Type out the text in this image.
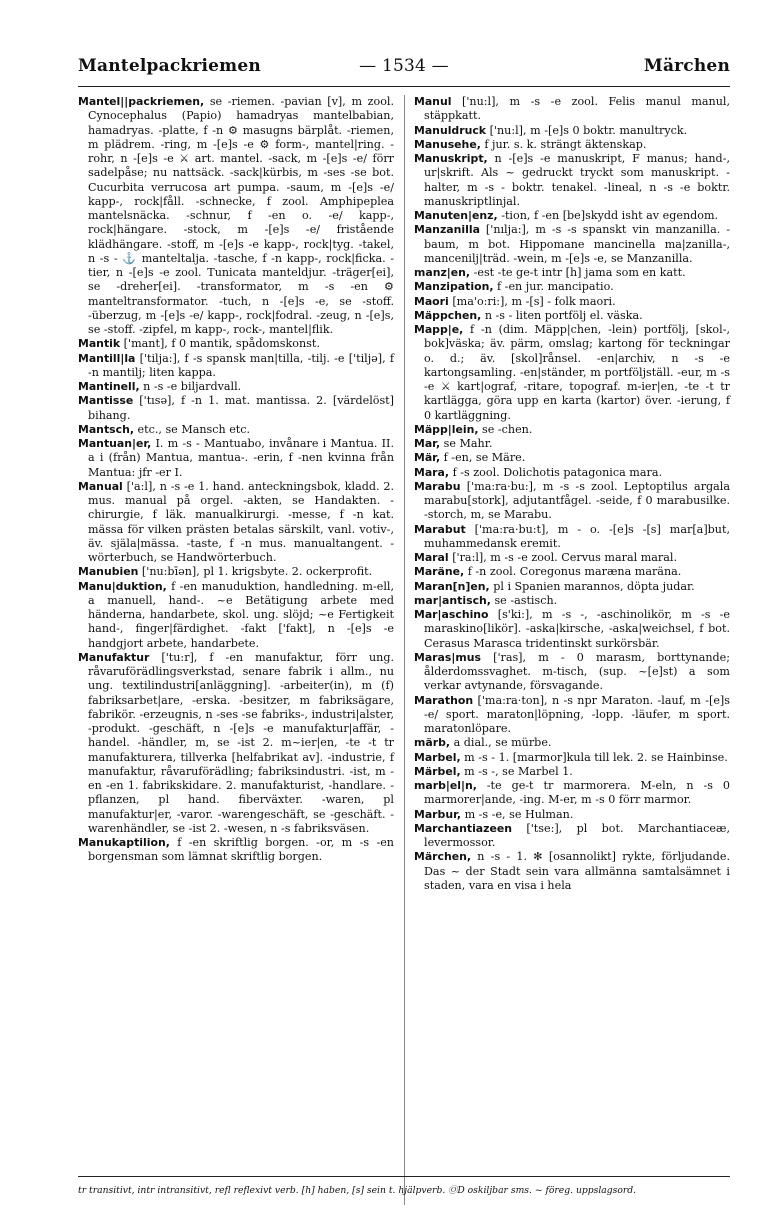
Mantelpackriemen	— 1534 —	Märchen

Mantel||packriemen, se -riemen. -pavian [v], m zool. Cynocephalus (Papio) hamadryas mantelbabian, hamadryas. -platte, f -n ⚙ masugns bärplåt. -riemen, m plädrem. -ring, m -[e]s -e ⚙ form-, mantel|ring. -rohr, n -[e]s -e ⚔ art. mantel. -sack, m -[e]s -e/ förr sadelpåse; nu nattsäck. -sack|kürbis, m -ses -se bot. Cucurbita verrucosa art pumpa. -saum, m -[e]s -e/ kapp-, rock|fåll. -schnecke, f zool. Amphipeplea mantelsnäcka. -schnur, f -en o. -e/ kapp-, rock|hängare. -stock, m -[e]s -e/ fristående klädhängare. -stoff, m -[e]s -e kapp-, rock|tyg. -takel, n -s - ⚓ manteltalja. -tasche, f -n kapp-, rock|ficka. -tier, n -[e]s -e zool. Tunicata manteldjur. -träger[ei], se -dreher[ei]. -transformator, m -s -en ⚙ manteltransformator. -tuch, n -[e]s -e, se -stoff. -überzug, m -[e]s -e/ kapp-, rock|fodral. -zeug, n -[e]s, se -stoff. -zipfel, m kapp-, rock-, mantel|flik.

Mantik ['mant], f 0 mantik, spådomskonst.

Mantill|la ['tilja:], f -s spansk man|tilla, -tilj. -e ['tiljə], f -n mantilj; liten kappa.

Mantinell, n -s -e biljardvall.

Mantisse ['tısə], f -n 1. mat. mantissa. 2. [värdelöst] bihang.

Mantsch, etc., se Mansch etc.

Mantuan|er, I. m -s - Mantuabo, invånare i Mantua. II. a i (från) Mantua, mantua-. -erin, f -nen kvinna från Mantua: jfr -er I.

Manual ['a:l], n -s -e 1. hand. anteckningsbok, kladd. 2. mus. manual på orgel. -akten, se Handakten. -chirurgie, f läk. manualkirurgi. -messe, f -n kat. mässa för vilken prästen betalas särskilt, vanl. votiv-, äv. själa|mässa. -taste, f -n mus. manualtangent. -wörterbuch, se Handwörterbuch.

Manubien ['nu:bīən], pl 1. krigsbyte. 2. ockerprofit.

Manu|duktion, f -en manuduktion, handledning. m-ell, a manuell, hand-. ~e Betätigung arbete med händerna, handarbete, skol. ung. slöjd; ~e Fertigkeit hand-, finger|färdighet. -fakt ['fakt], n -[e]s -e handgjort arbete, handarbete.

Manufaktur ['tu:r], f -en manufaktur, förr ung. råvaruförädlingsverkstad, senare fabrik i allm., nu ung. textilindustri[anläggning]. -arbeiter(in), m (f) fabriksarbet|are, -erska. -besitzer, m fabriksägare, fabrikör. -erzeugnis, n -ses -se fabriks-, industri|alster, -produkt. -geschäft, n -[e]s -e manufaktur|affär, -handel. -händler, m, se -ist 2. m~ier|en, -te -t tr manufakturera, tillverka [helfabrikat av]. -industrie, f manufaktur, råvaruförädling; fabriksindustri. -ist, m -en -en 1. fabrikskidare. 2. manufakturist, -handlare. -pflanzen, pl hand. fiberväxter. -waren, pl manufaktur|er, -varor. -warengeschäft, se -geschäft. -warenhändler, se -ist 2. -wesen, n -s fabriksväsen.

Manukaptilion, f -en skriftlig borgen. -or, m -s -en borgensman som lämnat skriftlig borgen.

Manul ['nu:l], m -s -e zool. Felis manul manul, stäppkatt.

Manuldruck ['nu:l], m -[e]s 0 boktr. manultryck.

Manusehe, f jur. s. k. strängt äktenskap.

Manuskript, n -[e]s -e manuskript, F manus; hand-, ur|skrift. Als ~ gedruckt tryckt som manuskript. -halter, m -s - boktr. tenakel. -lineal, n -s -e boktr. manuskriptlinjal.

Manuten|enz, -tion, f -en [be]skydd isht av egendom.

Manzanilla ['nılja:], m -s -s spanskt vin manzanilla. -baum, m bot. Hippomane mancinella ma|zanilla-, mancenilj|träd. -wein, m -[e]s -e, se Manzanilla.

manz|en, -est -te ge-t intr [h] jama som en katt.

Manzipation, f -en jur. mancipatio.

Maori [ma'o:ri:], m -[s] - folk maori.

Mäppchen, n -s - liten portfölj el. väska.

Mapp|e, f -n (dim. Mäpp|chen, -lein) portfölj, [skol-, bok]väska; äv. pärm, omslag; kartong för teckningar o. d.; äv. [skol]rånsel. -en|archiv, n -s -e kartongsamling. -en|ständer, m portföljställ. -eur, m -s -e ⚔ kart|ograf, -ritare, topograf. m-ier|en, -te -t tr kartlägga, göra upp en karta (kartor) över. -ierung, f 0 kartläggning.

Mäpp|lein, se -chen.

Mar, se Mahr.

Mär, f -en, se Märe.

Mara, f -s zool. Dolichotis patagonica mara.

Marabu ['ma:ra·bu:], m -s -s zool. Leptoptilus argala marabu[stork], adjutantfågel. -seide, f 0 marabusilke. -storch, m, se Marabu.

Marabut ['ma:ra·bu:t], m - o. -[e]s -[s] mar[a]but, muhammedansk eremit.

Maral ['ra:l], m -s -e zool. Cervus maral maral.

Maräne, f -n zool. Coregonus maræna maräna.

Maran[n]en, pl i Spanien marannos, döpta judar.

mar|antisch, se -astisch.

Mar|aschino [s'ki:], m -s -, -aschinolikör, m -s -e maraskino[likör]. -aska|kirsche, -aska|weichsel, f bot. Cerasus Marasca tridentinskt surkörsbär.

Maras|mus ['ras], m - 0 marasm, borttynande; ålderdomssvaghet. m-tisch, (sup. ~[e]st) a som verkar avtynande, försvagande.

Marathon ['ma:ra·ton], n -s npr Maraton. -lauf, m -[e]s -e/ sport. maraton|löpning, -lopp. -läufer, m sport. maratonlöpare.

märb, a dial., se mürbe.

Marbel, m -s - 1. [marmor]kula till lek. 2. se Hainbinse.

Märbel, m -s -, se Marbel 1.

marb|el|n, -te ge-t tr marmorera. M-eln, n -s 0 marmorer|ande, -ing. M-er, m -s 0 förr marmor.

Marbur, m -s -e, se Hulman.

Marchantiazeen ['tse:], pl bot. Marchantiaceæ, levermossor.

Märchen, n -s - 1. ✻ [osannolikt] rykte, förljudande. Das ~ der Stadt sein vara allmänna samtalsämnet i staden, vara en visa i hela

tr transitivt, intr intransitivt, refl reflexivt verb. [h] haben, [s] sein t. hjälpverb. ⓄD oskiljbar sms. ~ föreg. uppslagsord.
